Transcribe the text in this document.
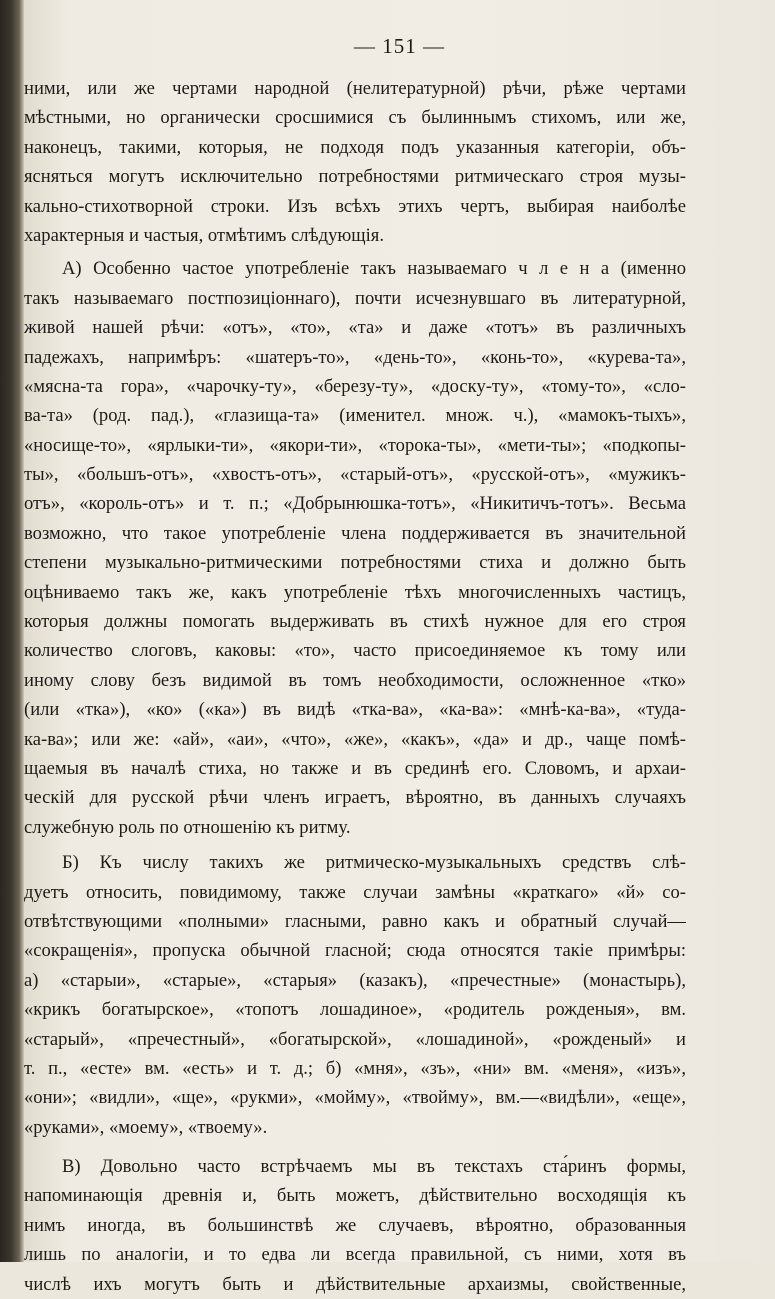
— 151 —
ними, или же чертами народной (нелитературной) рѣчи, рѣже чертами
мѣстными, но органически сросшимися съ былиннымъ стихомъ, или же,
наконецъ, такими, которыя, не подходя подъ указанныя категоріи, объ-
ясняться могутъ исключительно потребностями ритмическаго строя музы-
кально-стихотворной строки. Изъ всѣхъ этихъ чертъ, выбирая наиболѣе
характерныя и частыя, отмѣтимъ слѣдующія.
А) Особенно частое употребленіе такъ называемаго ч л е н а (именно
такъ называемаго постпозиціоннаго), почти исчезнувшаго въ литературной,
живой нашей рѣчи: «отъ», «то», «та» и даже «тотъ» въ различныхъ
падежахъ, напримѣръ: «шатеръ-то», «день-то», «конь-то», «курева-та»,
«мясна-та гора», «чарочку-ту», «березу-ту», «доску-ту», «тому-то», «сло-
ва-та» (род. пад.), «глазища-та» (именител. множ. ч.), «мамокъ-тыхъ»,
«носище-то», «ярлыки-ти», «якори-ти», «торока-ты», «мети-ты»; «подкопы-
ты», «большъ-отъ», «хвостъ-отъ», «старый-отъ», «русской-отъ», «мужикъ-
отъ», «король-отъ» и т. п.; «Добрынюшка-тотъ», «Никитичъ-тотъ». Весьма
возможно, что такое употребленіе члена поддерживается въ значительной
степени музыкально-ритмическими потребностями стиха и должно быть
оцѣниваемо такъ же, какъ употребленіе тѣхъ многочисленныхъ частицъ,
которыя должны помогать выдерживать въ стихѣ нужное для его строя
количество слоговъ, каковы: «то», часто присоединяемое къ тому или
иному слову безъ видимой въ томъ необходимости, осложненное «тко»
(или «тка»), «ко» («ка») въ видѣ «тка-ва», «ка-ва»: «мнѣ-ка-ва», «туда-
ка-ва»; или же: «ай», «аи», «что», «же», «какъ», «да» и др., чаще помѣ-
щаемыя въ началѣ стиха, но также и въ срединѣ его. Словомъ, и архаи-
ческій для русской рѣчи членъ играетъ, вѣроятно, въ данныхъ случаяхъ
служебную роль по отношенію къ ритму.
Б) Къ числу такихъ же ритмическо-музыкальныхъ средствъ слѣ-
дуетъ относить, повидимому, также случаи замѣны «краткаго» «й» со-
отвѣтствующими «полными» гласными, равно какъ и обратный случай—
«сокращенія», пропуска обычной гласной; сюда относятся такіе примѣры:
а) «старыи», «старые», «старыя» (казакъ), «пречестные» (монастырь),
«крикъ богатырское», «топотъ лошадиное», «родитель рожденыя», вм.
«старый», «пречестный», «богатырской», «лошадиной», «рожденый» и
т. п., «есте» вм. «есть» и т. д.; б) «мня», «зъ», «ни» вм. «меня», «изъ»,
«они»; «видли», «ще», «рукми», «мойму», «твойму», вм.—«видѣли», «еще»,
«руками», «моему», «твоему».
В) Довольно часто встрѣчаемъ мы въ текстахъ ста́ринъ формы,
напоминающія древнія и, быть можетъ, дѣйствительно восходящія къ
нимъ иногда, въ большинствѣ же случаевъ, вѣроятно, образованныя
лишь по аналогіи, и то едва ли всегда правильной, съ ними, хотя въ
числѣ ихъ могутъ быть и дѣйствительные архаизмы, свойственные,
